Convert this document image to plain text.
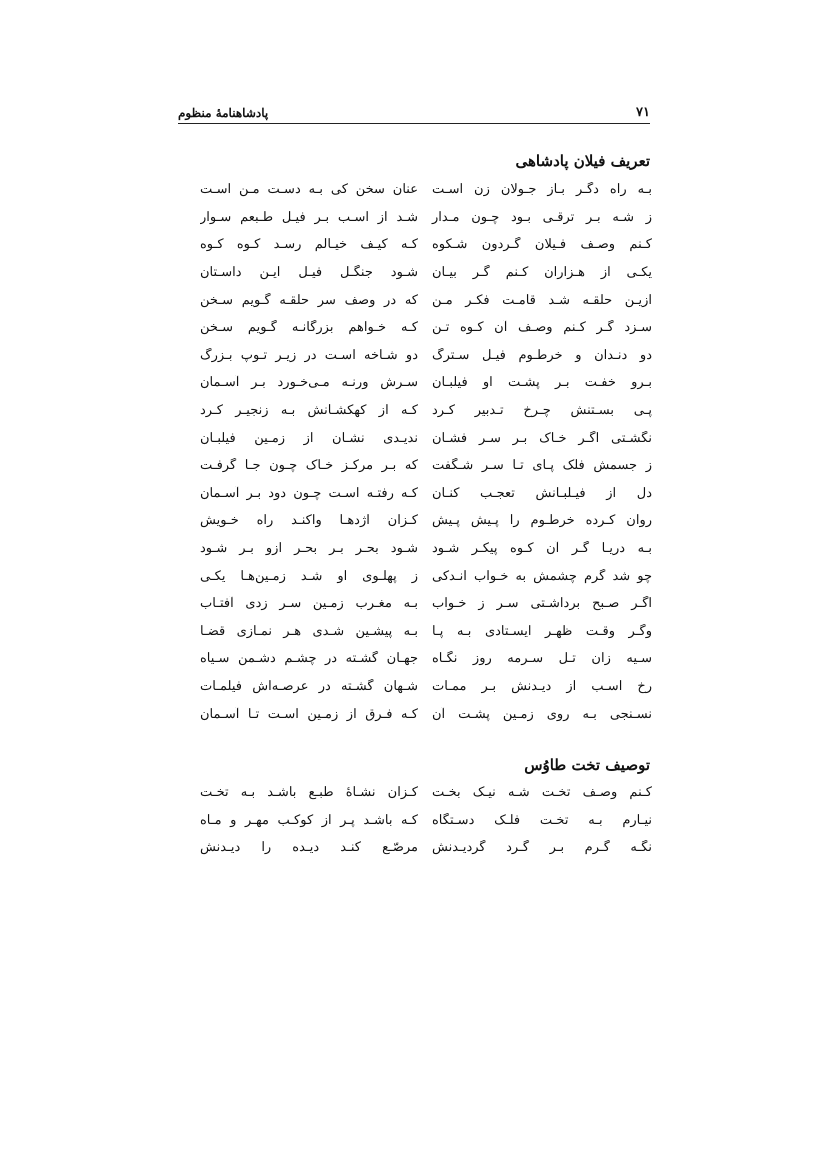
۷۱
پادشاهنامهٔ منظوم
تعریف فیلان پادشاهی
بـه راه دگـر بـاز جـولان زن اسـت
عنان سخن کی بـه دسـت مـن اسـت
ز شـه بـر ترقـی بـود چـون مـدار
شـد از اسـب بـر فیـل طـبعم سـوار
کـنم وصـف فـیلان گـردون شـکوه
کـه کیـف خیـالم رسـد کـوه کـوه
یکـی از هـزاران کـنم گـر بیـان
شـود جنگـل فیـل ایـن داسـتان
ازیـن حلقـه شـد قامـت فکـر مـن
که در وصف سر حلقـه گـویم سـخن
سـزد گـر کـنم وصـف آن کـوه تـن
کـه خـواهم بزرگانـه گـویم سـخن
دو دنـدان و خرطـوم فیـل سـترگ
دو شـاخه اسـت در زیـر تـوپ بـزرگ
بـرو خفـت بـر پشـت او فیلبـان
سـرش ورنـه مـی‌خـورد بـر آسـمان
پـی بسـتنش چـرخ تـدبیر کـرد
کـه از کهکشـانش بـه زنجیـر کـرد
نگشـتی اگـر خـاک بـر سـر فشـان
ندیـدی نشـان از زمـین فیلبـان
ز جسمش فلک پـای تـا سـر شـگفت
که بـر مرکـز خـاک چـون جـا گرفـت
دل از فیـلبـانش تعجـب کنـان
کـه رفتـه اسـت چـون دود بـر آسـمان
روان کـرده خرطـوم را پـیش پـیش
کـزان اژدهـا واکنـد راه خـویش
بـه دریـا گـر آن کـوه پیکـر شـود
شـود بحـر بـر بحـر ازو بـر شـود
چو شد گرم چشمش به خـواب انـدکی
ز پهلـوی او شـد زمـین‌هـا یکـی
اگـر صـبح برداشـتی سـر ز خـواب
بـه مغـرب زمـین سـر زدی آفتـاب
وگـر وقـت ظهـر ایسـتادی بـه پـا
بـه پیشـین شـدی هـر نمـازی قضـا
سـیه زان تـل سـرمه روز نگـاه
جهـان گشـته در چشـم دشـمن سـیاه
رخ اسـب از دیـدنش بـر ممـات
شـهان گشـته در عرصـه‌اش فیلمـات
نسـنجی بـه روی زمـین پشـت آن
کـه فـرق از زمـین اسـت تـا آسـمان
توصیف تخت طاوُس
کـنم وصـف تخـت شـه نیـک بخـت
کـزان نشـأهٔ طبـع باشـد بـه تخـت
نیـارم بـه تخـت فلـک دسـتگاه
کـه باشـد پـر از کوکـب مهـر و مـاه
نگـه گـرم بـر گـرد گردیـدنش
مرصّـع کنـد دیـده را دیـدنش
